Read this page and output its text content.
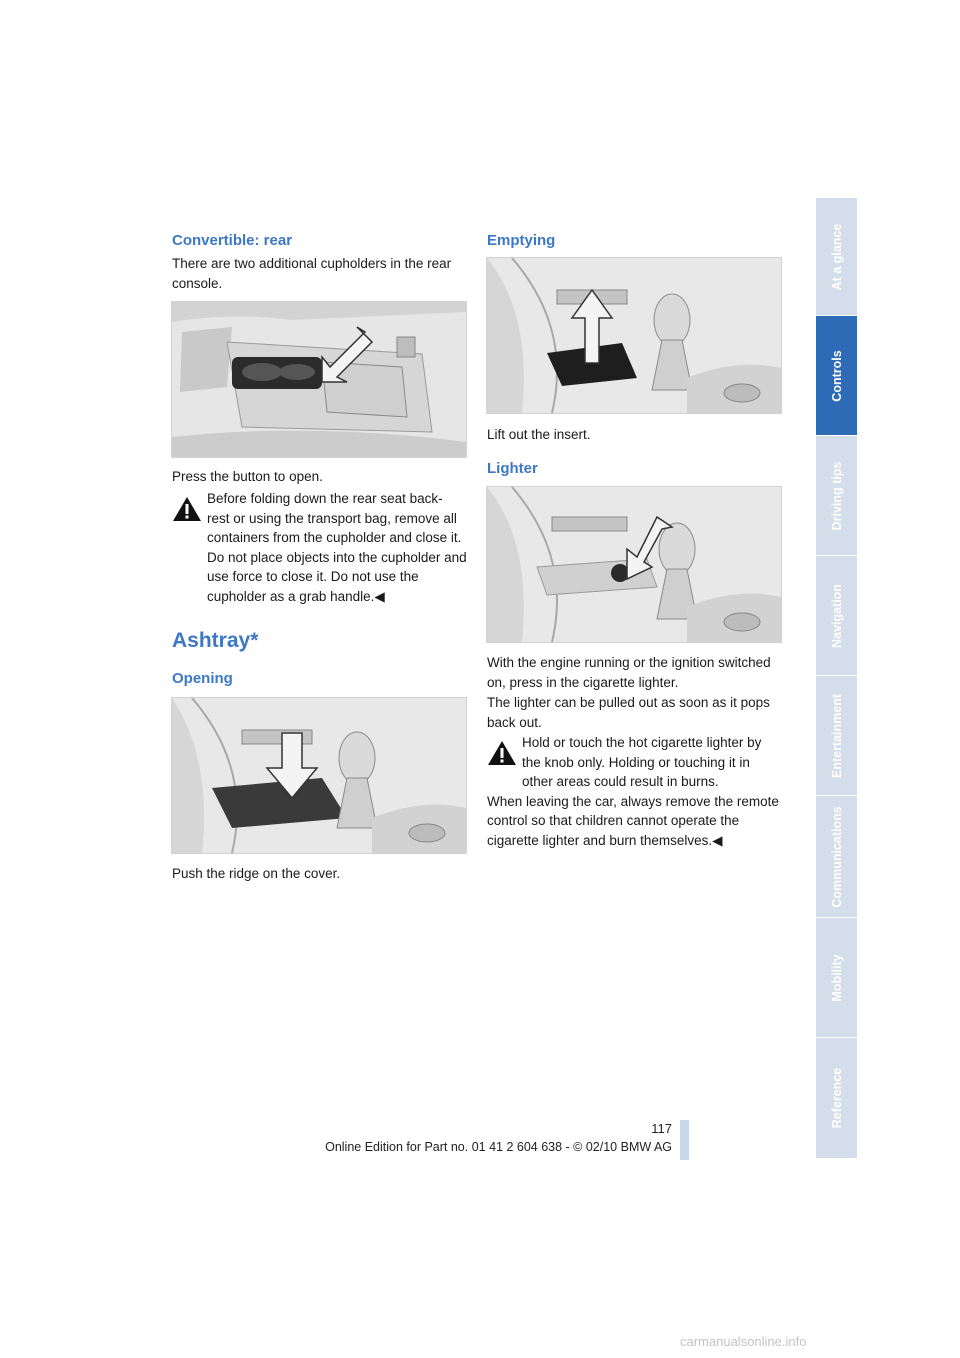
Convertible: rear

There are two additional cupholders in the rear console.

Press the button to open.

Before folding down the rear seat back-
rest or using the transport bag, remove all containers from the cupholder and close it. Do not place objects into the cupholder and use force to close it. Do not use the cupholder as a grab handle.◀

Ashtray*
Opening

Push the ridge on the cover.

Emptying

Lift out the insert.

Lighter

With the engine running or the ignition switched on, press in the cigarette lighter.

The lighter can be pulled out as soon as it pops back out.

Hold or touch the hot cigarette lighter by
the knob only. Holding or touching it in other areas could result in burns.
When leaving the car, always remove the remote control so that children cannot operate the cigarette lighter and burn themselves.◀

At a glance
Controls
Driving tips
Navigation
Entertainment
Communications
Mobility
Reference
117
Online Edition for Part no. 01 41 2 604 638 - © 02/10 BMW AG
carmanualsonline.info
